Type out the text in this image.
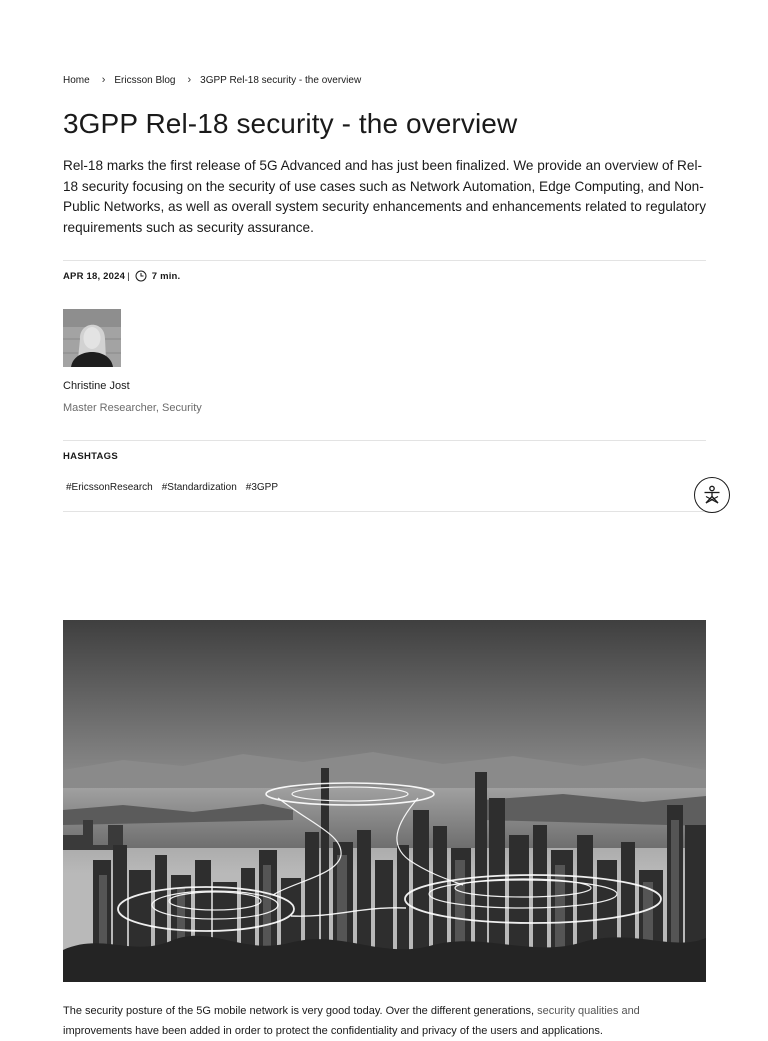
Home › Ericsson Blog › 3GPP Rel-18 security - the overview
3GPP Rel-18 security - the overview

Rel-18 marks the first release of 5G Advanced and has just been finalized. We provide an overview of Rel-18 security focusing on the security of use cases such as Network Automation, Edge Computing, and Non-Public Networks, as well as overall system security enhancements and enhancements related to regulatory requirements such as security assurance.

APR 18, 2024 | 7 min.
Christine Jost
Master Researcher, Security
HASHTAGS
#EricssonResearch #Standardization #3GPP

The security posture of the 5G mobile network is very good today. Over the different generations, security qualities and improvements have been added in order to protect the confidentiality and privacy of the users and applications.
